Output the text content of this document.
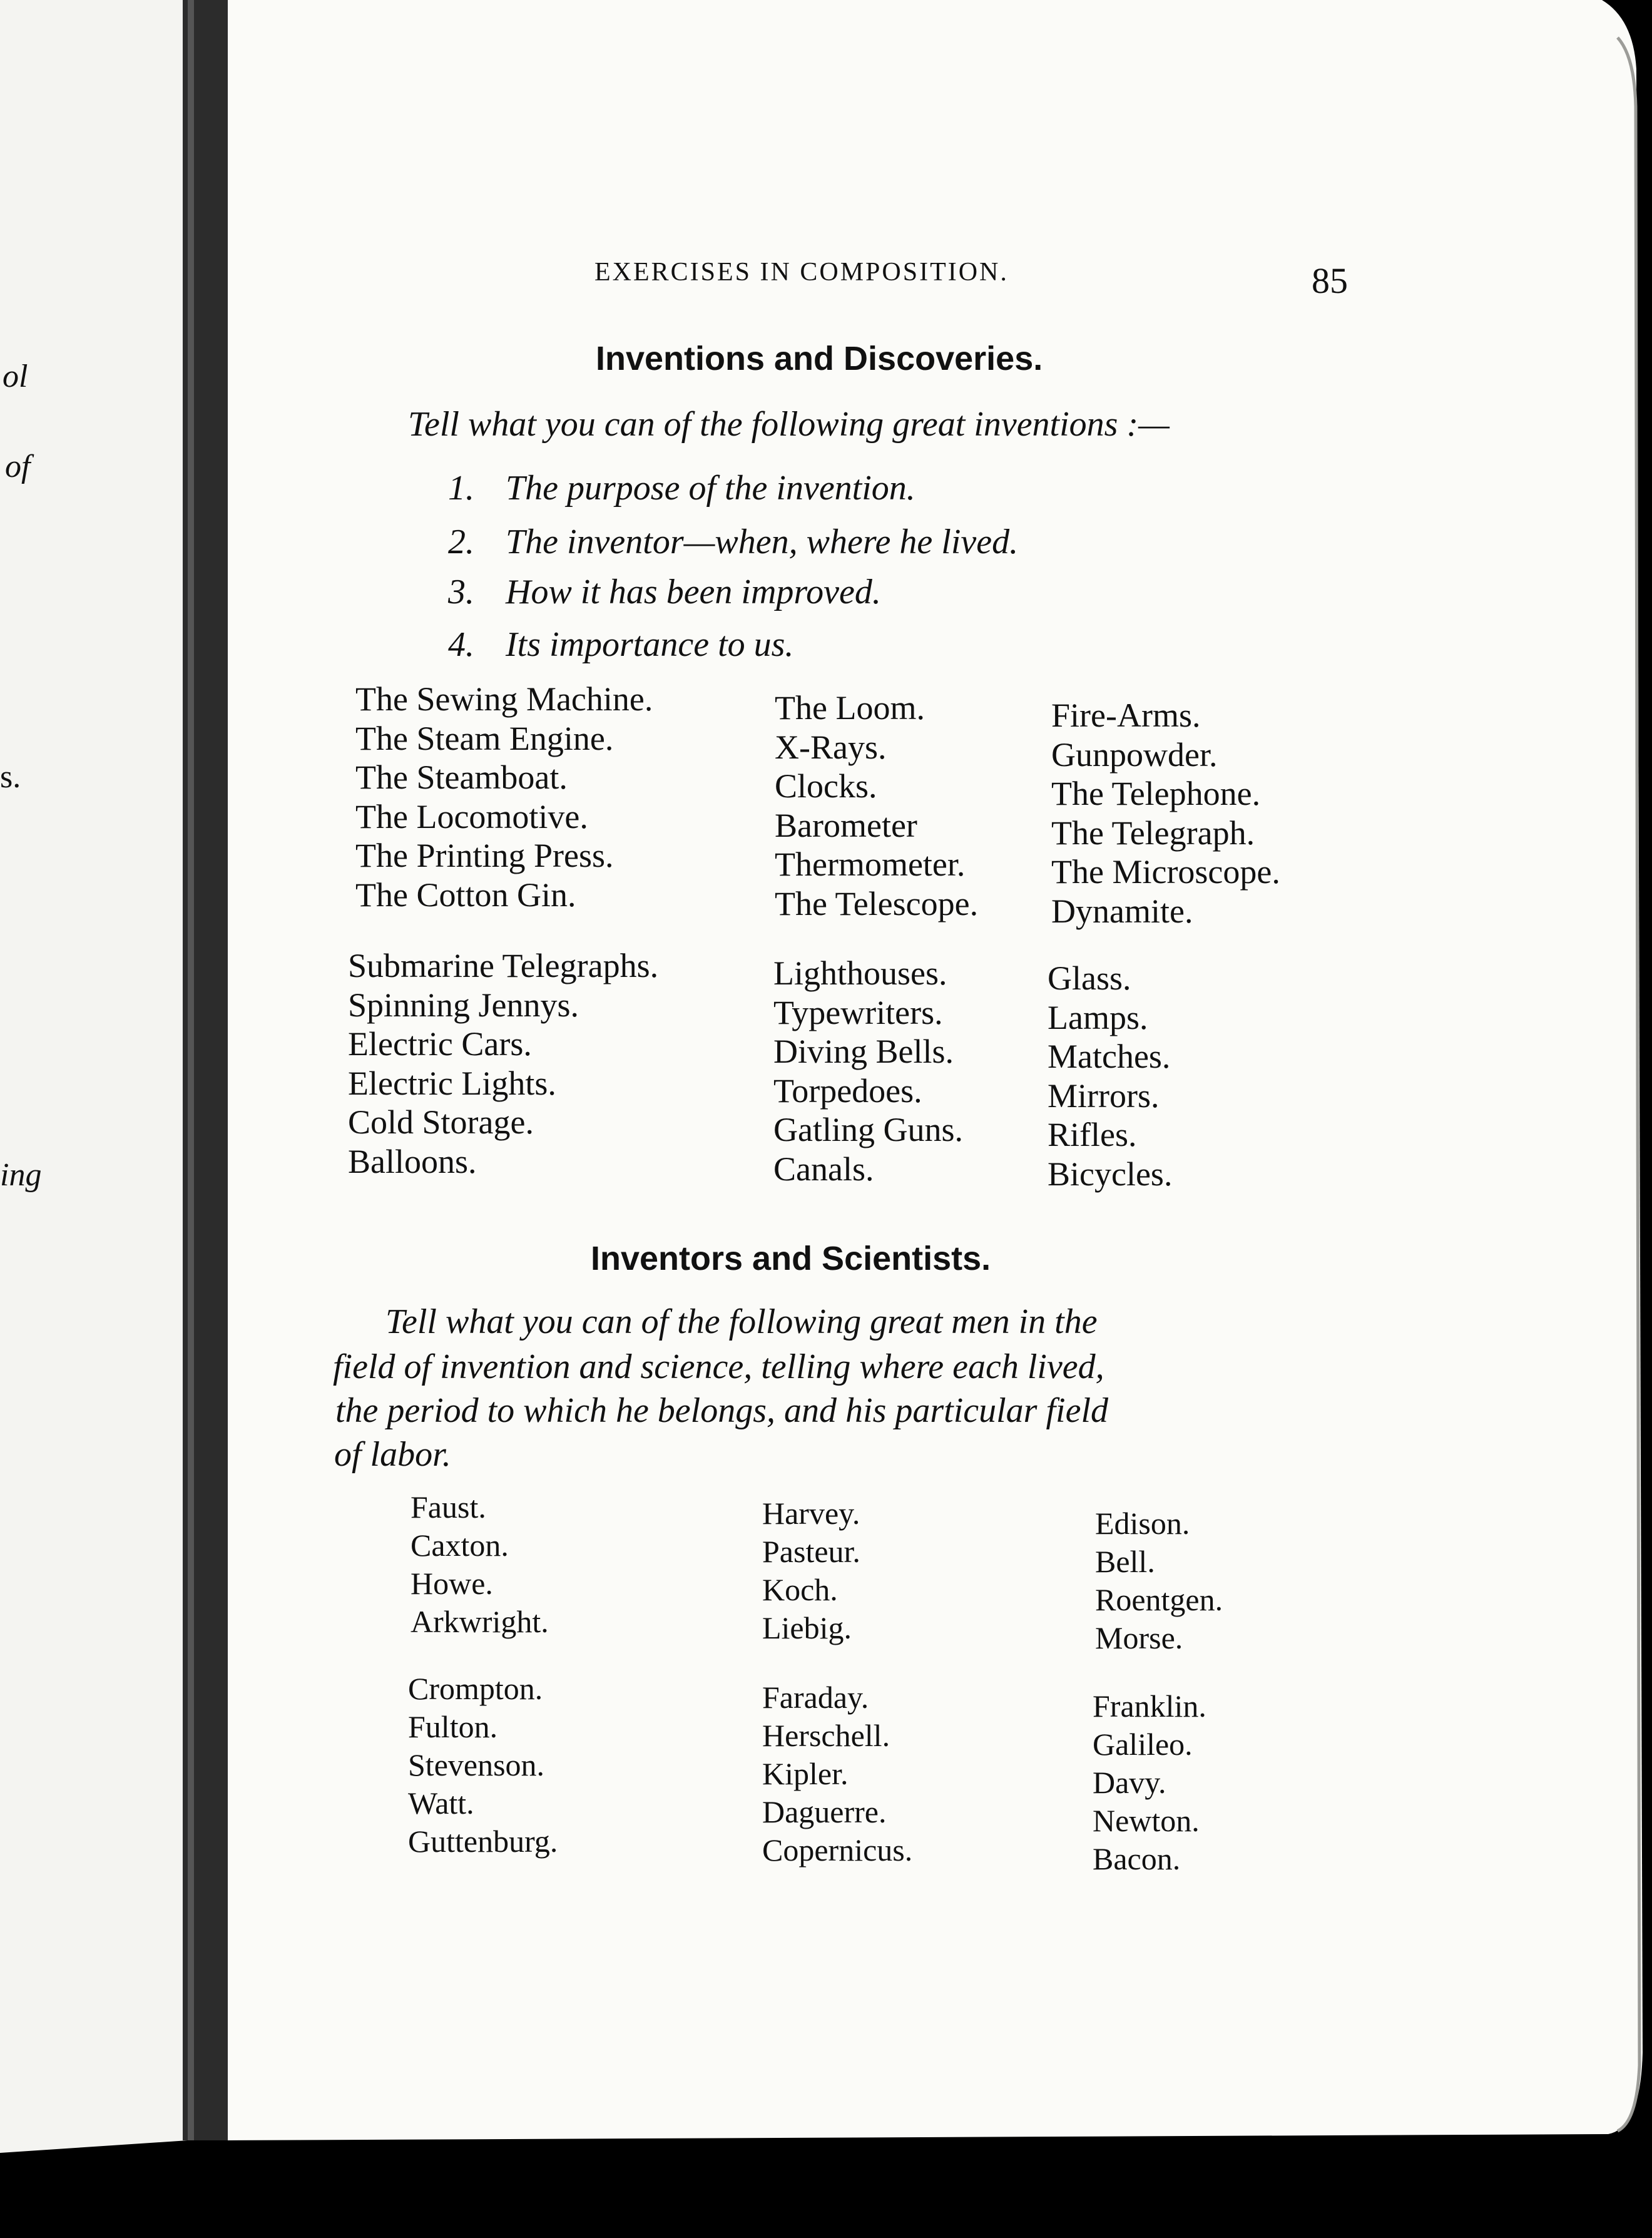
ol
of
s.
ing
EXERCISES IN COMPOSITION.	85
Inventions and Discoveries.
Tell what you can of the following great inventions :—
1. The purpose of the invention.
2. The inventor—when, where he lived.
3. How it has been improved.
4. Its importance to us.
The Sewing Machine.
The Steam Engine.
The Steamboat.
The Locomotive.
The Printing Press.
The Cotton Gin.
The Loom.
X-Rays.
Clocks.
Barometer
Thermometer.
The Telescope.
Fire-Arms.
Gunpowder.
The Telephone.
The Telegraph.
The Microscope.
Dynamite.
Submarine Telegraphs.
Spinning Jennys.
Electric Cars.
Electric Lights.
Cold Storage.
Balloons.
Lighthouses.
Typewriters.
Diving Bells.
Torpedoes.
Gatling Guns.
Canals.
Glass.
Lamps.
Matches.
Mirrors.
Rifles.
Bicycles.
Inventors and Scientists.
Tell what you can of the following great men in the
field of invention and science, telling where each lived,
the period to which he belongs, and his particular field
of labor.
Faust.
Caxton.
Howe.
Arkwright.
Harvey.
Pasteur.
Koch.
Liebig.
Edison.
Bell.
Roentgen.
Morse.
Crompton.
Fulton.
Stevenson.
Watt.
Guttenburg.
Faraday.
Herschell.
Kipler.
Daguerre.
Copernicus.
Franklin.
Galileo.
Davy.
Newton.
Bacon.
